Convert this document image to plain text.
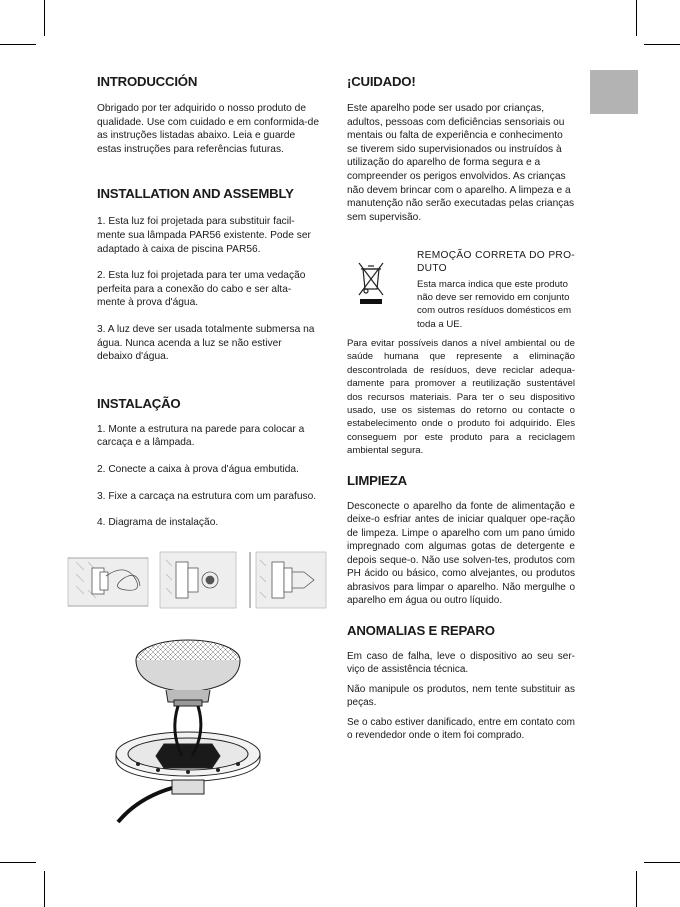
INTRODUCCIÓN

Obrigado por ter adquirido o nosso produto de qualidade. Use com cuidado e em conformida-de as instruções listadas abaixo. Leia e guarde estas instruções para referências futuras.

INSTALLATION AND ASSEMBLY

1. Esta luz foi projetada para substituir facil-mente sua lâmpada PAR56 existente. Pode ser adaptado à caixa de piscina PAR56.

2. Esta luz foi projetada para ter uma vedação perfeita para a conexão do cabo e ser alta-mente à prova d'água.

3. A luz deve ser usada totalmente submersa na água. Nunca acenda a luz se não estiver debaixo d'água.

INSTALAÇÃO

1. Monte a estrutura na parede para colocar a carcaça e a lâmpada.

2. Conecte a caixa à prova d'água embutida.

3. Fixe a carcaça na estrutura com um parafuso.

4. Diagrama de instalação.

¡CUIDADO!

Este aparelho pode ser usado por crianças, adultos, pessoas com deficiências sensoriais ou mentais ou falta de experiência e conhecimento se tiverem sido supervisionados ou instruídos à utilização do aparelho de forma segura e a compreender os perigos envolvidos. As crianças não devem brincar com o aparelho. A limpeza e a manutenção não serão executadas pelas crianças sem supervisão.

REMOÇÃO CORRETA DO PRO-DUTO

Esta marca indica que este produto não deve ser removido em conjunto com outros resíduos domésticos em toda a UE.

Para evitar possíveis danos a nível ambiental ou de saúde humana que represente a eliminação descontrolada de resíduos, deve reciclar adequa-damente para promover a reutilização sustentável dos recursos materiais. Para ter o seu dispositivo usado, use os sistemas do retorno ou contacte o estabelecimento onde o produto foi adquirido. Eles conseguem por este produto para a reciclagem ambiental segura.

LIMPIEZA

Desconecte o aparelho da fonte de alimentação e deixe-o esfriar antes de iniciar qualquer ope-ração de limpeza. Limpe o aparelho com um pano úmido impregnado com algumas gotas de detergente e depois seque-o. Não use solven-tes, produtos com PH ácido ou básico, como alvejantes, ou produtos abrasivos para limpar o aparelho. Não mergulhe o aparelho em água ou outro líquido.

ANOMALIAS E REPARO

Em caso de falha, leve o dispositivo ao seu ser-viço de assistência técnica.

Não manipule os produtos, nem tente substituir as peças.

Se o cabo estiver danificado, entre em contato com o revendedor onde o item foi comprado.
